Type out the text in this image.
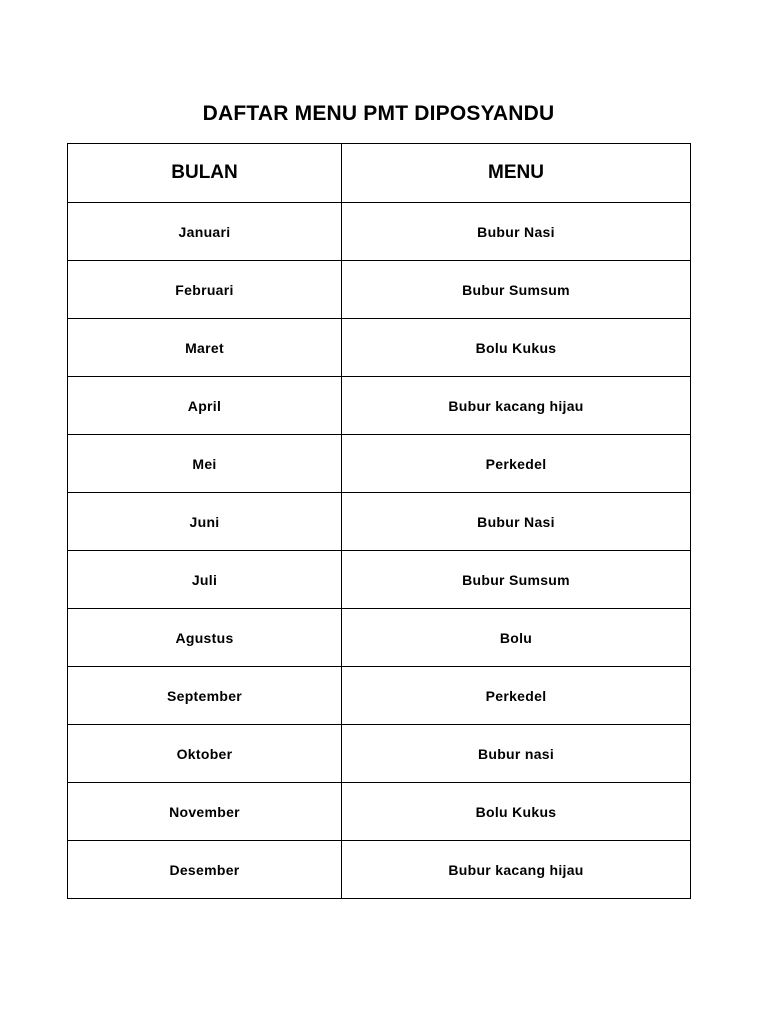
DAFTAR MENU PMT DIPOSYANDU
BULAN	MENU
Januari	Bubur Nasi
Februari	Bubur Sumsum
Maret	Bolu Kukus
April	Bubur kacang hijau
Mei	Perkedel
Juni	Bubur Nasi
Juli	Bubur Sumsum
Agustus	Bolu
September	Perkedel
Oktober	Bubur nasi
November	Bolu Kukus
Desember	Bubur kacang hijau
